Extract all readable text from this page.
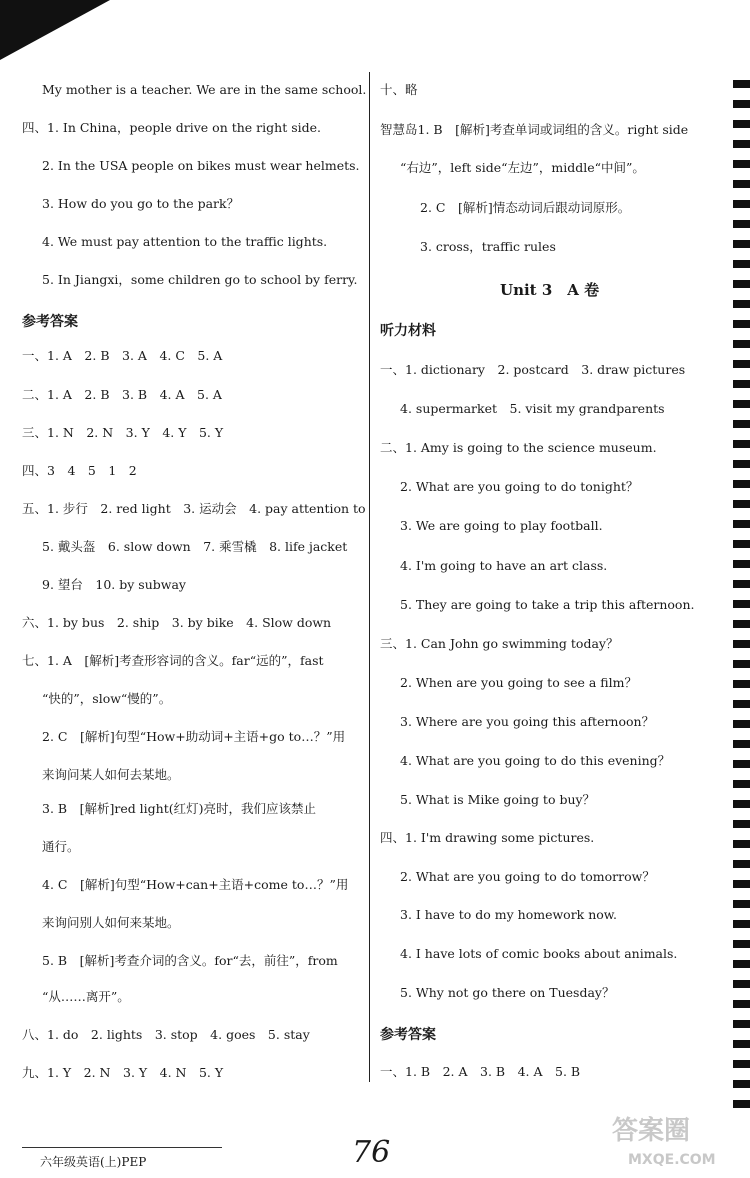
My mother is a teacher. We are in the same school.
四、1. In China，people drive on the right side.
2. In the USA people on bikes must wear helmets.
3. How do you go to the park？
4. We must pay attention to the traffic lights.
5. In Jiangxi，some children go to school by ferry.
一、1. A　2. B　3. A　4. C　5. A
二、1. A　2. B　3. B　4. A　5. A
三、1. N　2. N　3. Y　4. Y　5. Y
四、3　4　5　1　2
五、1. 步行　2. red light　3. 运动会　4. pay attention to
5. 戴头盔　6. slow down　7. 乘雪橇　8. life jacket
9. 望台　10. by subway
六、1. by bus　2. ship　3. by bike　4. Slow down
七、1. A　[解析]考查形容词的含义。far“远的”，fast
“快的”，slow“慢的”。
2. C　[解析]句型“How+助动词+主语+go to…？”用
来询问某人如何去某地。
3. B　[解析]red light(红灯)亮时，我们应该禁止
通行。
4. C　[解析]句型“How+can+主语+come to…？”用
来询问别人如何来某地。
5. B　[解析]考查介词的含义。for“去，前往”，from
“从……离开”。
八、1. do　2. lights　3. stop　4. goes　5. stay
九、1. Y　2. N　3. Y　4. N　5. Y
十、略
智慧岛1. B　[解析]考查单词或词组的含义。right side
“右边”，left side“左边”，middle“中间”。
2. C　[解析]情态动词后跟动词原形。
3. cross，traffic rules
一、1. dictionary　2. postcard　3. draw pictures
4. supermarket　5. visit my grandparents
二、1. Amy is going to the science museum.
2. What are you going to do tonight？
3. We are going to play football.
4. I'm going to have an art class.
5. They are going to take a trip this afternoon.
三、1. Can John go swimming today？
2. When are you going to see a film？
3. Where are you going this afternoon？
4. What are you going to do this evening？
5. What is Mike going to buy？
四、1. I'm drawing some pictures.
2. What are you going to do tomorrow？
3. I have to do my homework now.
4. I have lots of comic books about animals.
5. Why not go there on Tuesday？
一、1. B　2. A　3. B　4. A　5. B
参考答案
Unit 3　A 卷
听力材料
参考答案
六年级英语(上)PEP	76
答案圈
MXQE.COM
